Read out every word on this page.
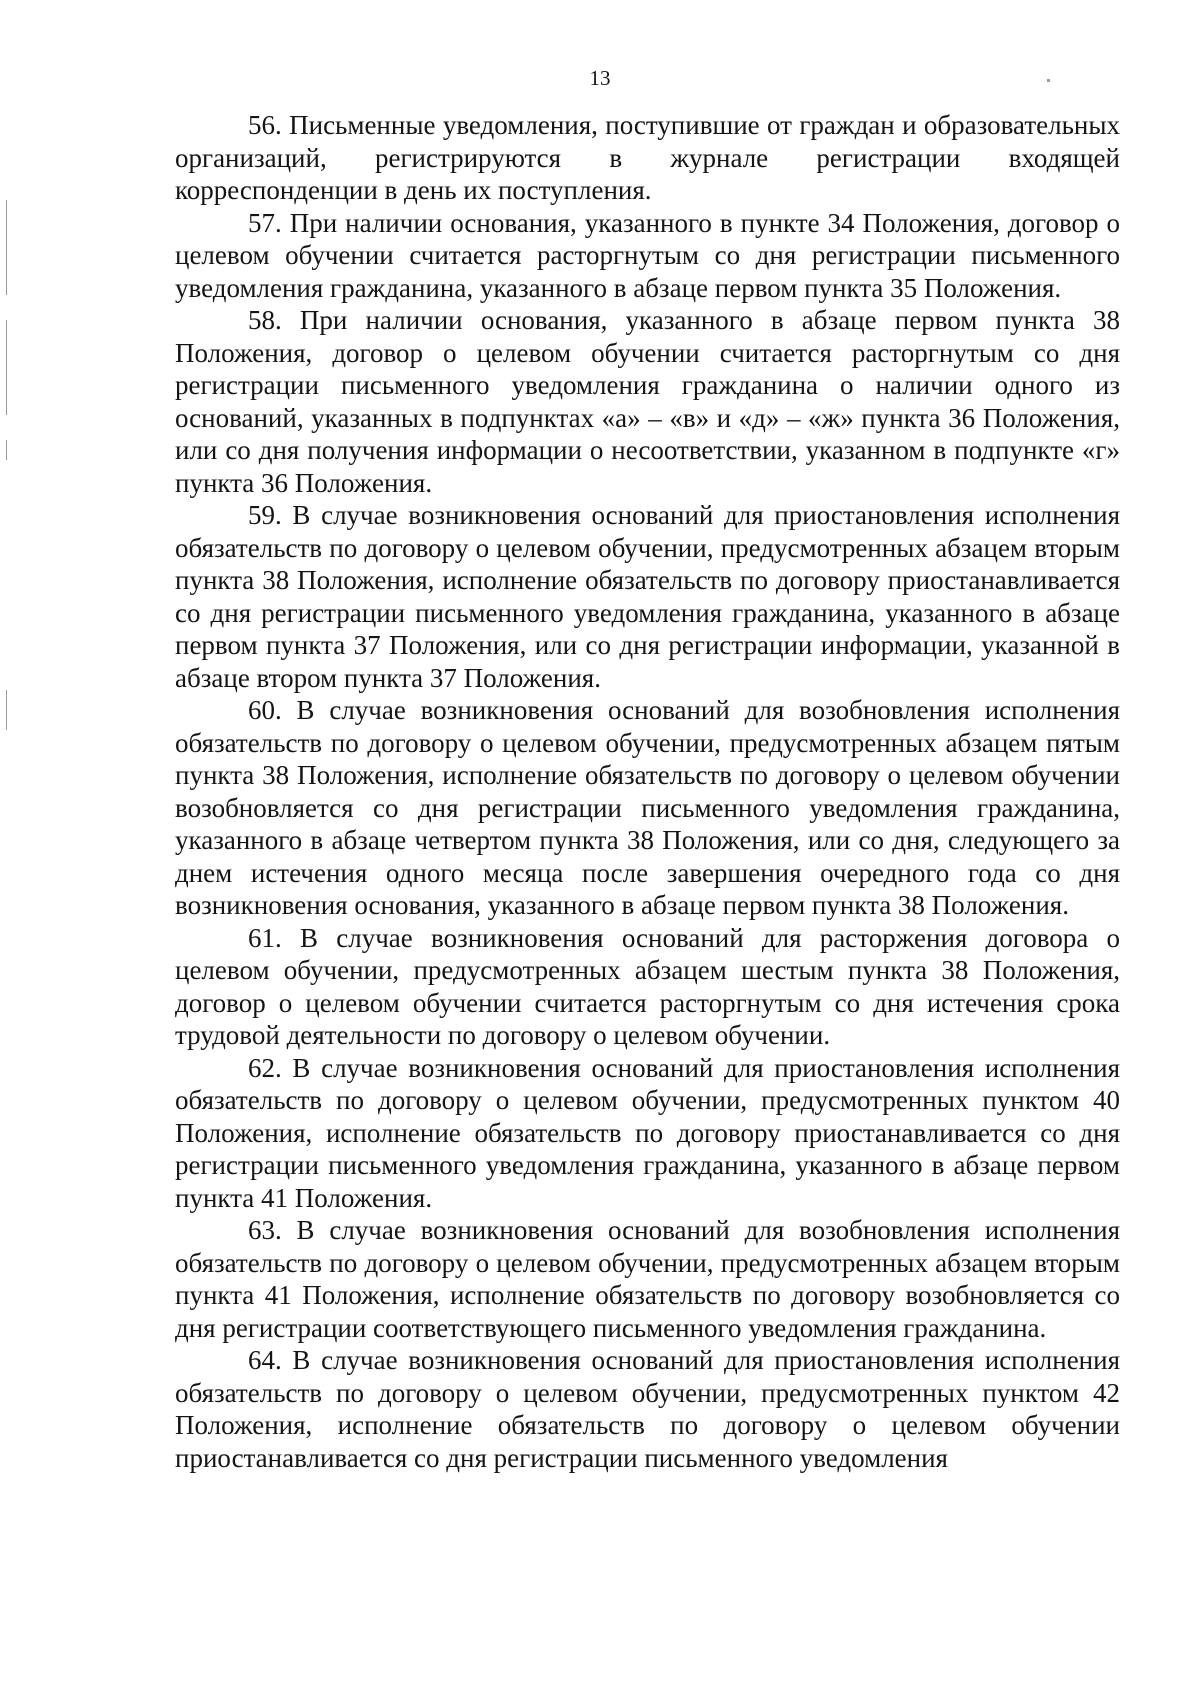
13

56. Письменные уведомления, поступившие от граждан и образовательных организаций, регистрируются в журнале регистрации входящей корреспонденции в день их поступления.

57. При наличии основания, указанного в пункте 34 Положения, договор о целевом обучении считается расторгнутым со дня регистрации письменного уведомления гражданина, указанного в абзаце первом пункта 35 Положения.

58. При наличии основания, указанного в абзаце первом пункта 38 Положения, договор о целевом обучении считается расторгнутым со дня регистрации письменного уведомления гражданина о наличии одного из оснований, указанных в подпунктах «а» – «в» и «д» – «ж» пункта 36 Положения, или со дня получения информации о несоответствии, указанном в подпункте «г» пункта 36 Положения.

59. В случае возникновения оснований для приостановления исполнения обязательств по договору о целевом обучении, предусмотренных абзацем вторым пункта 38 Положения, исполнение обязательств по договору приостанавливается со дня регистрации письменного уведомления гражданина, указанного в абзаце первом пункта 37 Положения, или со дня регистрации информации, указанной в абзаце втором пункта 37 Положения.

60. В случае возникновения оснований для возобновления исполнения обязательств по договору о целевом обучении, предусмотренных абзацем пятым пункта 38 Положения, исполнение обязательств по договору о целевом обучении возобновляется со дня регистрации письменного уведомления гражданина, указанного в абзаце четвертом пункта 38 Положения, или со дня, следующего за днем истечения одного месяца после завершения очередного года со дня возникновения основания, указанного в абзаце первом пункта 38 Положения.

61. В случае возникновения оснований для расторжения договора о целевом обучении, предусмотренных абзацем шестым пункта 38 Положения, договор о целевом обучении считается расторгнутым со дня истечения срока трудовой деятельности по договору о целевом обучении.

62. В случае возникновения оснований для приостановления исполнения обязательств по договору о целевом обучении, предусмотренных пунктом 40 Положения, исполнение обязательств по договору приостанавливается со дня регистрации письменного уведомления гражданина, указанного в абзаце первом пункта 41 Положения.

63. В случае возникновения оснований для возобновления исполнения обязательств по договору о целевом обучении, предусмотренных абзацем вторым пункта 41 Положения, исполнение обязательств по договору возобновляется со дня регистрации соответствующего письменного уведомления гражданина.

64. В случае возникновения оснований для приостановления исполнения обязательств по договору о целевом обучении, предусмотренных пунктом 42 Положения, исполнение обязательств по договору о целевом обучении приостанавливается со дня регистрации письменного уведомления
